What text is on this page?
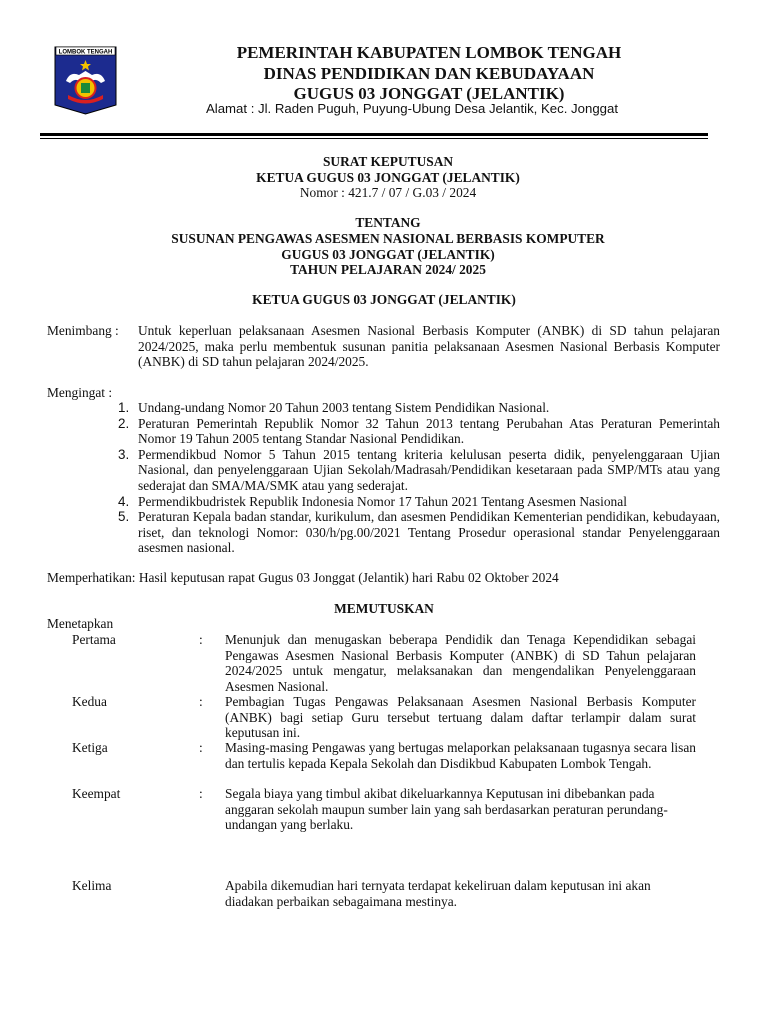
LOMBOK TENGAH	PEMERINTAH KABUPATEN LOMBOK TENGAH
DINAS PENDIDIKAN DAN KEBUDAYAAN
GUGUS 03 JONGGAT (JELANTIK)
Alamat : Jl. Raden Puguh, Puyung-Ubung Desa Jelantik, Kec. Jonggat
SURAT KEPUTUSAN
KETUA GUGUS 03 JONGGAT (JELANTIK)
Nomor : 421.7 / 07 / G.03 / 2024
TENTANG
SUSUNAN PENGAWAS ASESMEN NASIONAL BERBASIS KOMPUTER
GUGUS 03 JONGGAT (JELANTIK)
TAHUN PELAJARAN 2024/ 2025
KETUA GUGUS 03 JONGGAT (JELANTIK)
Menimbang : Untuk keperluan pelaksanaan Asesmen Nasional Berbasis Komputer (ANBK) di SD tahun pelajaran 2024/2025, maka perlu membentuk susunan panitia pelaksanaan Asesmen Nasional Berbasis Komputer (ANBK) di SD tahun pelajaran 2024/2025.
Mengingat :
1. Undang-undang Nomor 20 Tahun 2003 tentang Sistem Pendidikan Nasional.
2. Peraturan Pemerintah Republik Nomor 32 Tahun 2013 tentang Perubahan Atas Peraturan Pemerintah Nomor 19 Tahun 2005 tentang Standar Nasional Pendidikan.
3. Permendikbud Nomor 5 Tahun 2015 tentang kriteria kelulusan peserta didik, penyelenggaraan Ujian Nasional, dan penyelenggaraan Ujian Sekolah/Madrasah/Pendidikan kesetaraan pada SMP/MTs atau yang sederajat dan SMA/MA/SMK atau yang sederajat.
4. Permendikbudristek Republik Indonesia Nomor 17 Tahun 2021 Tentang Asesmen Nasional
5. Peraturan Kepala badan standar, kurikulum, dan asesmen Pendidikan Kementerian pendidikan, kebudayaan, riset, dan teknologi Nomor: 030/h/pg.00/2021 Tentang Prosedur operasional standar Penyelenggaraan asesmen nasional.
Memperhatikan: Hasil keputusan rapat Gugus 03 Jonggat (Jelantik) hari Rabu 02 Oktober 2024
MEMUTUSKAN
Menetapkan
Pertama	: Menunjuk dan menugaskan beberapa Pendidik dan Tenaga Kependidikan sebagai Pengawas Asesmen Nasional Berbasis Komputer (ANBK) di SD Tahun pelajaran 2024/2025 untuk mengatur, melaksanakan dan mengendalikan Penyelenggaraan Asesmen Nasional.
Kedua	: Pembagian Tugas Pengawas Pelaksanaan Asesmen Nasional Berbasis Komputer (ANBK) bagi setiap Guru tersebut tertuang dalam daftar terlampir dalam surat keputusan ini.
Ketiga	: Masing-masing Pengawas yang bertugas melaporkan pelaksanaan tugasnya secara lisan dan tertulis kepada Kepala Sekolah dan Disdikbud Kabupaten Lombok Tengah.
Keempat	: Segala biaya yang timbul akibat dikeluarkannya Keputusan ini dibebankan pada anggaran sekolah maupun sumber lain yang sah berdasarkan peraturan perundang-undangan yang berlaku.
Kelima	Apabila dikemudian hari ternyata terdapat kekeliruan dalam keputusan ini akan diadakan perbaikan sebagaimana mestinya.
